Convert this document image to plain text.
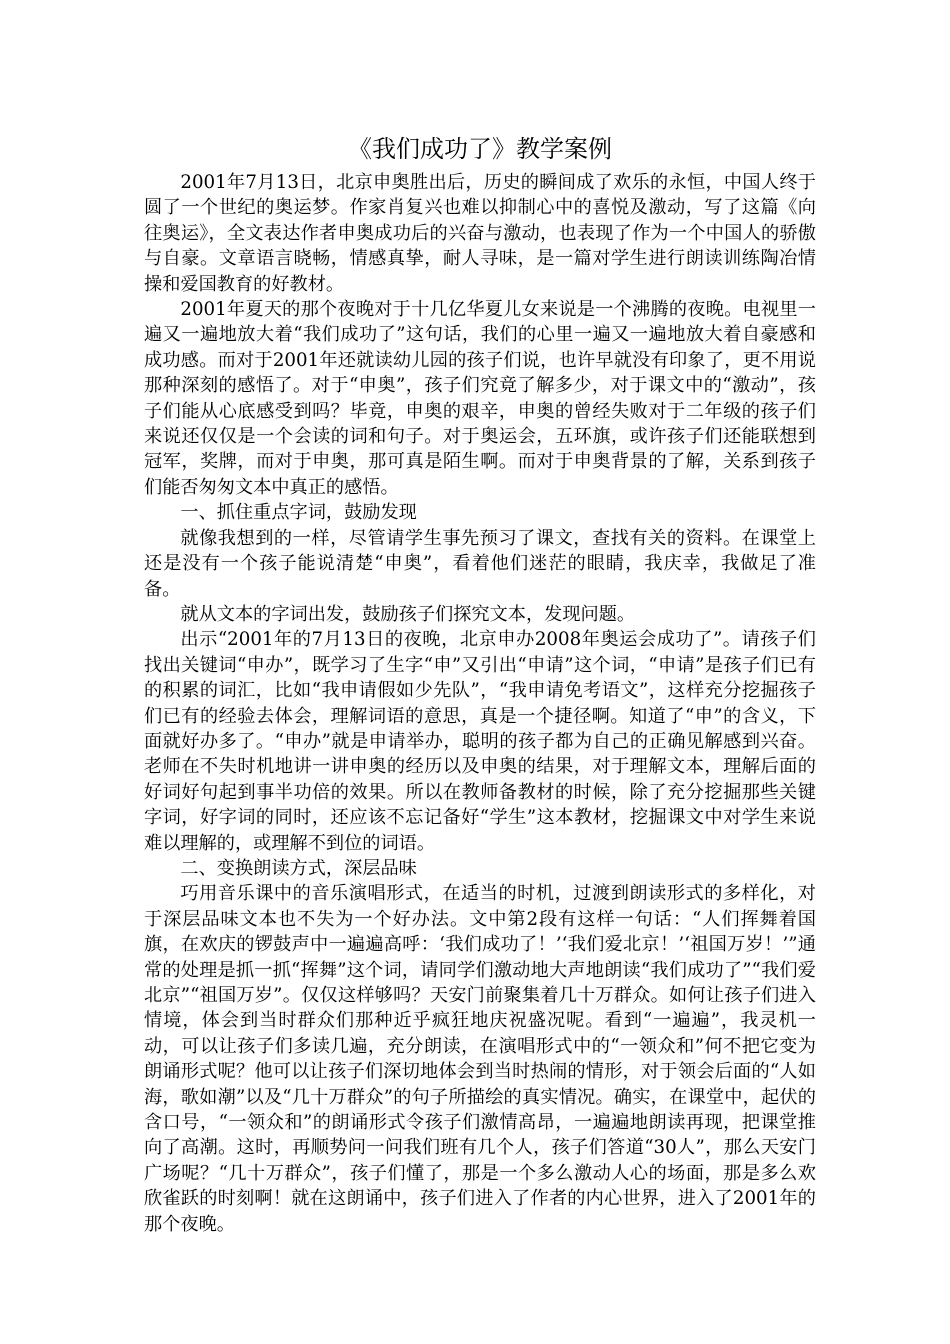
《我们成功了》教学案例

2001年7月13日，北京申奥胜出后，历史的瞬间成了欢乐的永恒，中国人终于圆了一个世纪的奥运梦。作家肖复兴也难以抑制心中的喜悦及激动，写了这篇《向往奥运》，全文表达作者申奥成功后的兴奋与激动，也表现了作为一个中国人的骄傲与自豪。文章语言晓畅，情感真挚，耐人寻味，是一篇对学生进行朗读训练陶冶情操和爱国教育的好教材。

2001年夏天的那个夜晚对于十几亿华夏儿女来说是一个沸腾的夜晚。电视里一遍又一遍地放大着“我们成功了”这句话，我们的心里一遍又一遍地放大着自豪感和成功感。而对于2001年还就读幼儿园的孩子们说，也许早就没有印象了，更不用说那种深刻的感悟了。对于“申奥”，孩子们究竟了解多少，对于课文中的“激动”，孩子们能从心底感受到吗？毕竟，申奥的艰辛，申奥的曾经失败对于二年级的孩子们来说还仅仅是一个会读的词和句子。对于奥运会，五环旗，或许孩子们还能联想到冠军，奖牌，而对于申奥，那可真是陌生啊。而对于申奥背景的了解，关系到孩子们能否匆匆文本中真正的感悟。

一、抓住重点字词，鼓励发现

就像我想到的一样，尽管请学生事先预习了课文，查找有关的资料。在课堂上还是没有一个孩子能说清楚“申奥”，看着他们迷茫的眼睛，我庆幸，我做足了准备。

就从文本的字词出发，鼓励孩子们探究文本，发现问题。

出示“2001年的7月13日的夜晚，北京申办2008年奥运会成功了”。请孩子们找出关键词“申办”，既学习了生字“申”又引出“申请”这个词，“申请”是孩子们已有的积累的词汇，比如“我申请假如少先队”，“我申请免考语文”，这样充分挖掘孩子们已有的经验去体会，理解词语的意思，真是一个捷径啊。知道了“申”的含义，下面就好办多了。“申办”就是申请举办，聪明的孩子都为自己的正确见解感到兴奋。老师在不失时机地讲一讲申奥的经历以及申奥的结果，对于理解文本，理解后面的好词好句起到事半功倍的效果。所以在教师备教材的时候，除了充分挖掘那些关键字词，好字词的同时，还应该不忘记备好“学生”这本教材，挖掘课文中对学生来说难以理解的，或理解不到位的词语。

二、变换朗读方式，深层品味

巧用音乐课中的音乐演唱形式，在适当的时机，过渡到朗读形式的多样化，对于深层品味文本也不失为一个好办法。文中第2段有这样一句话：“人们挥舞着国旗，在欢庆的锣鼓声中一遍遍高呼：‘我们成功了！’‘我们爱北京！’‘祖国万岁！’”通常的处理是抓一抓“挥舞”这个词，请同学们激动地大声地朗读“我们成功了”“我们爱北京”“祖国万岁”。仅仅这样够吗？天安门前聚集着几十万群众。如何让孩子们进入情境，体会到当时群众们那种近乎疯狂地庆祝盛况呢。看到“一遍遍”，我灵机一动，可以让孩子们多读几遍，充分朗读，在演唱形式中的“一领众和”何不把它变为朗诵形式呢？他可以让孩子们深切地体会到当时热闹的情形，对于领会后面的“人如海，歌如潮”以及“几十万群众”的句子所描绘的真实情况。确实，在课堂中，起伏的含口号，“一领众和”的朗诵形式令孩子们激情高昂，一遍遍地朗读再现，把课堂推向了高潮。这时，再顺势问一问我们班有几个人，孩子们答道“30人”，那么天安门广场呢？“几十万群众”，孩子们懂了，那是一个多么激动人心的场面，那是多么欢欣雀跃的时刻啊！就在这朗诵中，孩子们进入了作者的内心世界，进入了2001年的那个夜晚。
